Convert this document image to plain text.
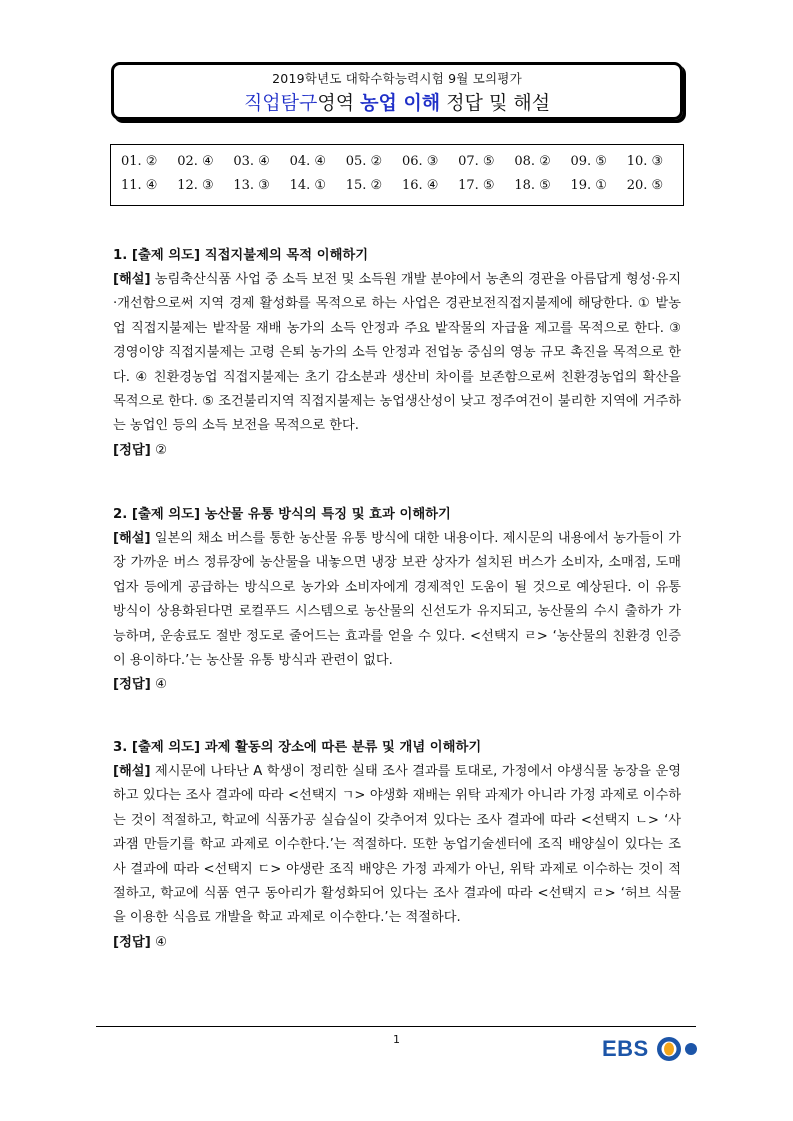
2019학년도 대학수학능력시험 9월 모의평가
직업탐구영역 농업 이해 정답 및 해설
01. ②	02. ④	03. ④	04. ④	05. ②	06. ③	07. ⑤	08. ②	09. ⑤	10. ③
11. ④	12. ③	13. ③	14. ①	15. ②	16. ④	17. ⑤	18. ⑤	19. ①	20. ⑤
1. [출제 의도] 직접지불제의 목적 이해하기
[해설] 농림축산식품 사업 중 소득 보전 및 소득원 개발 분야에서 농촌의 경관을 아름답게 형성·유지·개선함으로써 지역 경제 활성화를 목적으로 하는 사업은 경관보전직접지불제에 해당한다. ① 밭농업 직접지불제는 밭작물 재배 농가의 소득 안정과 주요 밭작물의 자급율 제고를 목적으로 한다. ③ 경영이양 직접지불제는 고령 은퇴 농가의 소득 안정과 전업농 중심의 영농 규모 촉진을 목적으로 한다. ④ 친환경농업 직접지불제는 초기 감소분과 생산비 차이를 보존함으로써 친환경농업의 확산을 목적으로 한다. ⑤ 조건불리지역 직접지불제는 농업생산성이 낮고 정주여건이 불리한 지역에 거주하는 농업인 등의 소득 보전을 목적으로 한다.
[정답] ②
2. [출제 의도] 농산물 유통 방식의 특징 및 효과 이해하기
[해설] 일본의 채소 버스를 통한 농산물 유통 방식에 대한 내용이다. 제시문의 내용에서 농가들이 가장 가까운 버스 정류장에 농산물을 내놓으면 냉장 보관 상자가 설치된 버스가 소비자, 소매점, 도매업자 등에게 공급하는 방식으로 농가와 소비자에게 경제적인 도움이 될 것으로 예상된다. 이 유통 방식이 상용화된다면 로컬푸드 시스템으로 농산물의 신선도가 유지되고, 농산물의 수시 출하가 가능하며, 운송료도 절반 정도로 줄어드는 효과를 얻을 수 있다. <선택지 ㄹ> ‘농산물의 친환경 인증이 용이하다.’는 농산물 유통 방식과 관련이 없다.
[정답] ④
3. [출제 의도] 과제 활동의 장소에 따른 분류 및 개념 이해하기
[해설] 제시문에 나타난 A 학생이 정리한 실태 조사 결과를 토대로, 가정에서 야생식물 농장을 운영하고 있다는 조사 결과에 따라 <선택지 ㄱ> 야생화 재배는 위탁 과제가 아니라 가정 과제로 이수하는 것이 적절하고, 학교에 식품가공 실습실이 갖추어져 있다는 조사 결과에 따라 <선택지 ㄴ> ‘사과잼 만들기를 학교 과제로 이수한다.’는 적절하다. 또한 농업기술센터에 조직 배양실이 있다는 조사 결과에 따라 <선택지 ㄷ> 야생란 조직 배양은 가정 과제가 아닌, 위탁 과제로 이수하는 것이 적절하고, 학교에 식품 연구 동아리가 활성화되어 있다는 조사 결과에 따라 <선택지 ㄹ> ‘허브 식물을 이용한 식음료 개발을 학교 과제로 이수한다.’는 적절하다.
[정답] ④
1	EBS
